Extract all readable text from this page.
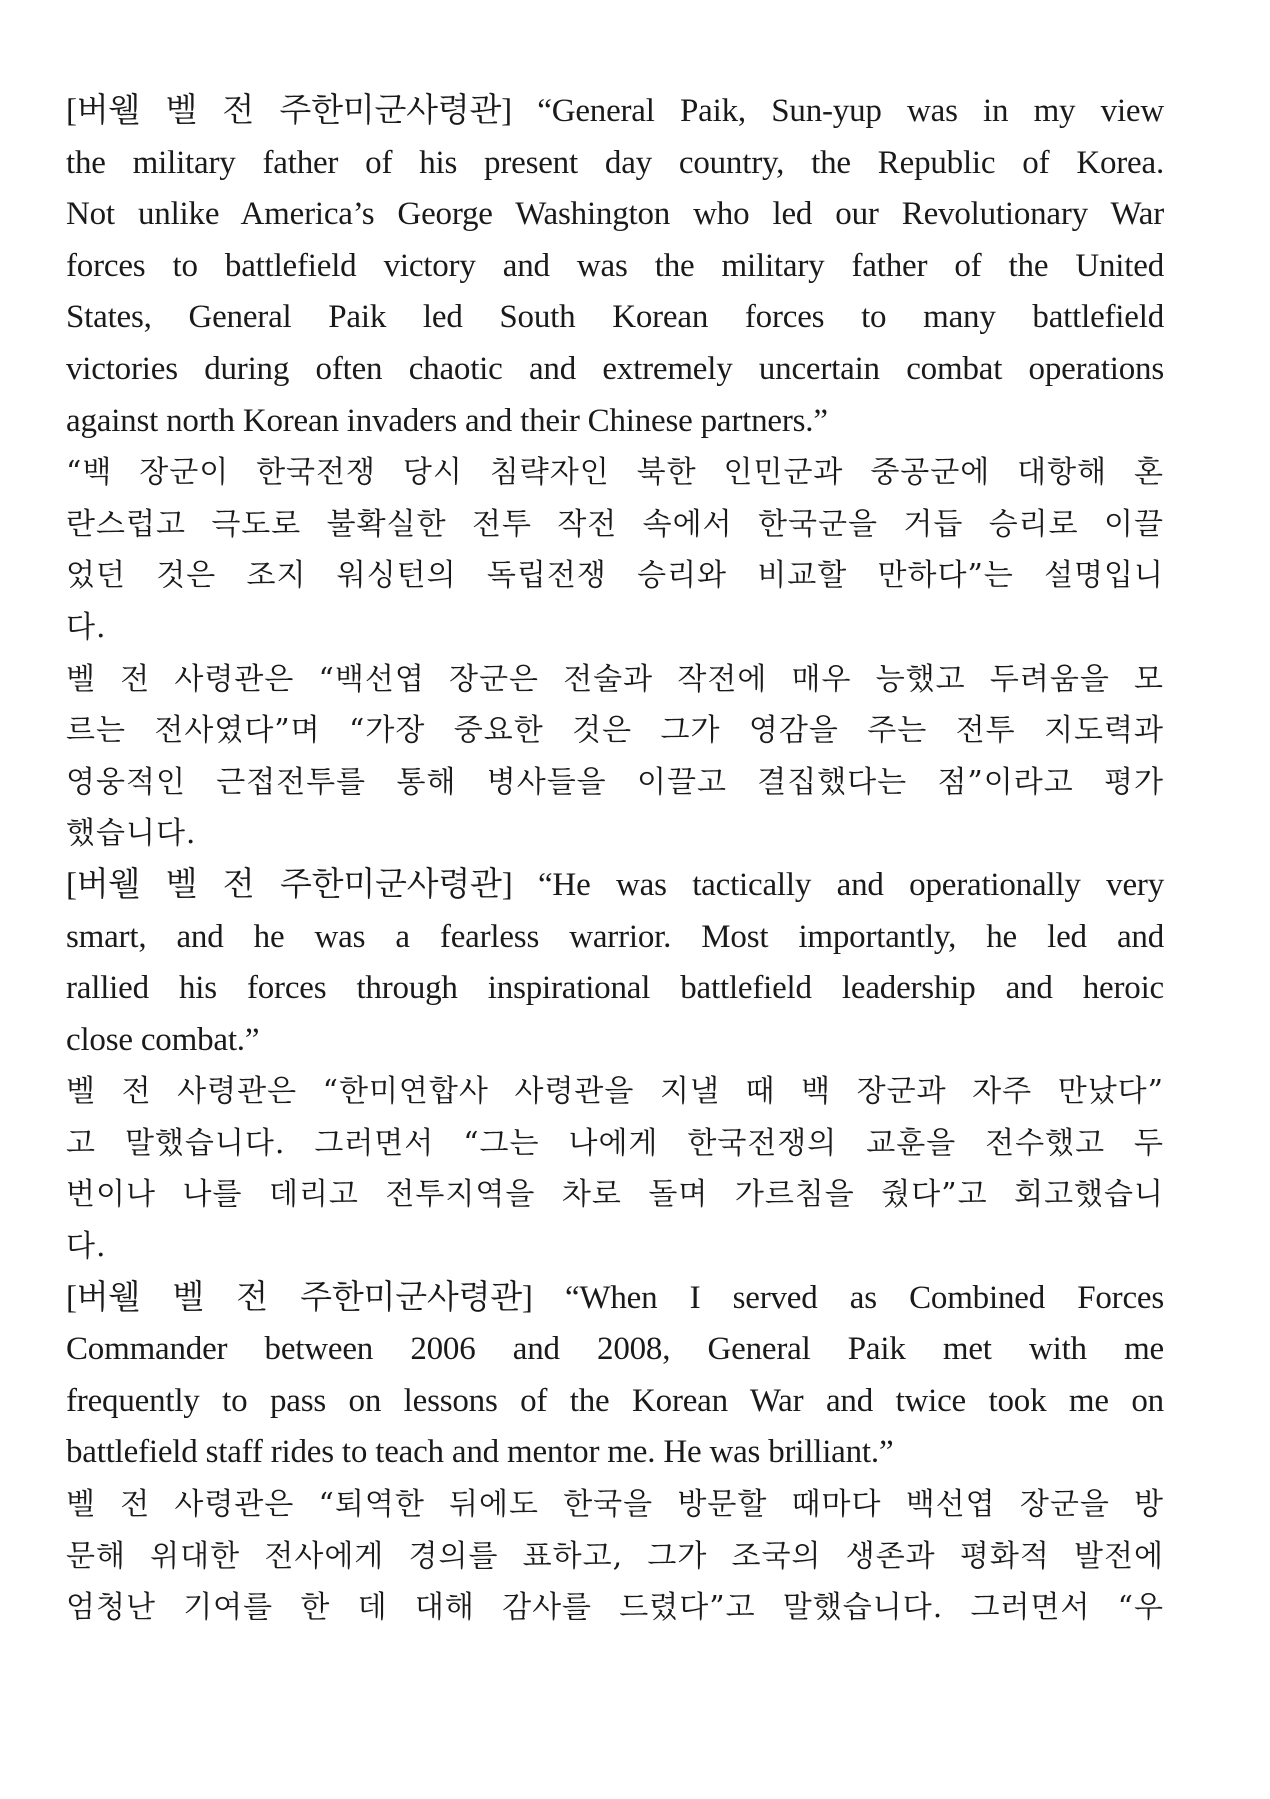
[버웰 벨 전 주한미군사령관] “General Paik, Sun-yup was in my view
the military father of his present day country, the Republic of Korea.
Not unlike America’s George Washington who led our Revolutionary War
forces to battlefield victory and was the military father of the United
States, General Paik led South Korean forces to many battlefield
victories during often chaotic and extremely uncertain combat operations
against north Korean invaders and their Chinese partners.”
“백 장군이 한국전쟁 당시 침략자인 북한 인민군과 중공군에 대항해 혼
란스럽고 극도로 불확실한 전투 작전 속에서 한국군을 거듭 승리로 이끌
었던 것은 조지 워싱턴의 독립전쟁 승리와 비교할 만하다”는 설명입니
다.
벨 전 사령관은 “백선엽 장군은 전술과 작전에 매우 능했고 두려움을 모
르는 전사였다”며 “가장 중요한 것은 그가 영감을 주는 전투 지도력과
영웅적인 근접전투를 통해 병사들을 이끌고 결집했다는 점”이라고 평가
했습니다.
[버웰 벨 전 주한미군사령관] “He was tactically and operationally very
smart, and he was a fearless warrior. Most importantly, he led and
rallied his forces through inspirational battlefield leadership and heroic
close combat.”
벨 전 사령관은 “한미연합사 사령관을 지낼 때 백 장군과 자주 만났다”
고 말했습니다. 그러면서 “그는 나에게 한국전쟁의 교훈을 전수했고 두
번이나 나를 데리고 전투지역을 차로 돌며 가르침을 줬다”고 회고했습니
다.
[버웰 벨 전 주한미군사령관] “When I served as Combined Forces
Commander between 2006 and 2008, General Paik met with me
frequently to pass on lessons of the Korean War and twice took me on
battlefield staff rides to teach and mentor me. He was brilliant.”
벨 전 사령관은 “퇴역한 뒤에도 한국을 방문할 때마다 백선엽 장군을 방
문해 위대한 전사에게 경의를 표하고, 그가 조국의 생존과 평화적 발전에
엄청난 기여를 한 데 대해 감사를 드렸다”고 말했습니다. 그러면서 “우
